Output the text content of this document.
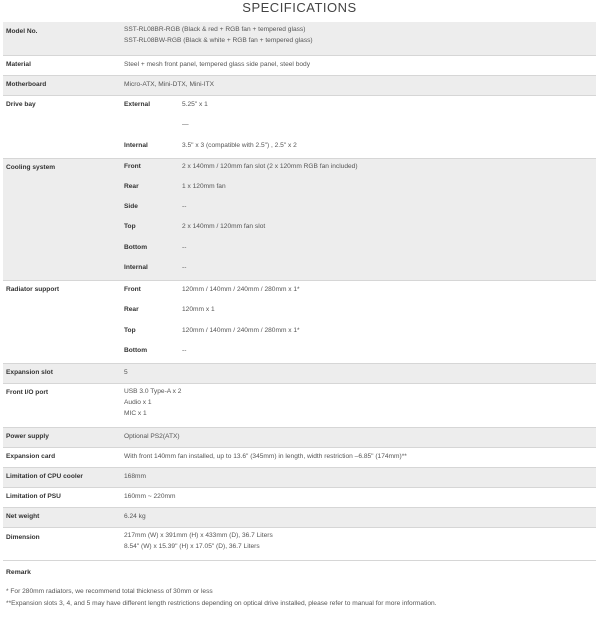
SPECIFICATIONS
Model No.	SST-RL08BR-RGB (Black & red + RGB fan + tempered glass)
SST-RL08BW-RGB (Black & white + RGB fan + tempered glass)
Material	Steel + mesh front panel, tempered glass side panel, steel body
Motherboard	Micro-ATX, Mini-DTX, Mini-ITX
Drive bay	External	5.25" x 1
—
Internal	3.5" x 3 (compatible with 2.5") , 2.5" x 2
Cooling system	Front	2 x 140mm / 120mm fan slot (2 x 120mm RGB fan included)
Rear	1 x 120mm fan
Side	--
Top	2 x 140mm / 120mm fan slot
Bottom	--
Internal	--
Radiator support	Front	120mm / 140mm / 240mm / 280mm x 1*
Rear	120mm x 1
Top	120mm / 140mm / 240mm / 280mm x 1*
Bottom	--
Expansion slot	5
Front I/O port	USB 3.0 Type-A x 2
Audio x 1
MIC x 1
Power supply	Optional PS2(ATX)
Expansion card	With front 140mm fan installed, up to 13.6" (345mm) in length, width restriction –6.85" (174mm)**
Limitation of CPU cooler	168mm
Limitation of PSU	160mm ~ 220mm
Net weight	6.24 kg
Dimension	217mm (W) x 391mm (H) x 433mm (D), 36.7 Liters
8.54" (W) x 15.39" (H) x 17.05" (D), 36.7 Liters
Remark
* For 280mm radiators, we recommend total thickness of 30mm or less
**Expansion slots 3, 4, and 5 may have different length restrictions depending on optical drive installed, please refer to manual for more information.
